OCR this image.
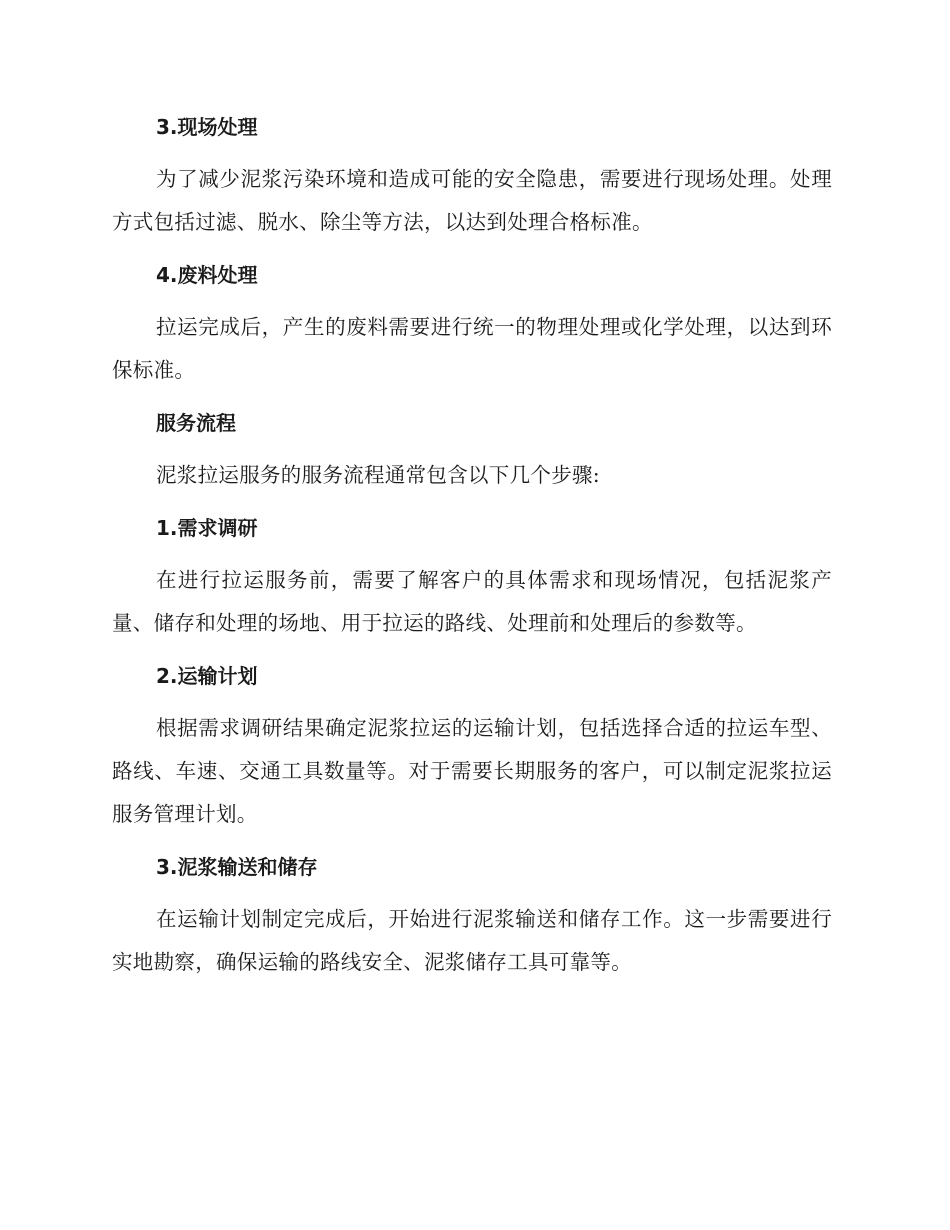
3.现场处理

为了减少泥浆污染环境和造成可能的安全隐患，需要进行现场处理。处理方式包括过滤、脱水、除尘等方法，以达到处理合格标准。

4.废料处理

拉运完成后，产生的废料需要进行统一的物理处理或化学处理，以达到环保标准。

服务流程

泥浆拉运服务的服务流程通常包含以下几个步骤:

1.需求调研

在进行拉运服务前，需要了解客户的具体需求和现场情况，包括泥浆产量、储存和处理的场地、用于拉运的路线、处理前和处理后的参数等。

2.运输计划

根据需求调研结果确定泥浆拉运的运输计划，包括选择合适的拉运车型、路线、车速、交通工具数量等。对于需要长期服务的客户，可以制定泥浆拉运服务管理计划。

3.泥浆输送和储存

在运输计划制定完成后，开始进行泥浆输送和储存工作。这一步需要进行实地勘察，确保运输的路线安全、泥浆储存工具可靠等。
